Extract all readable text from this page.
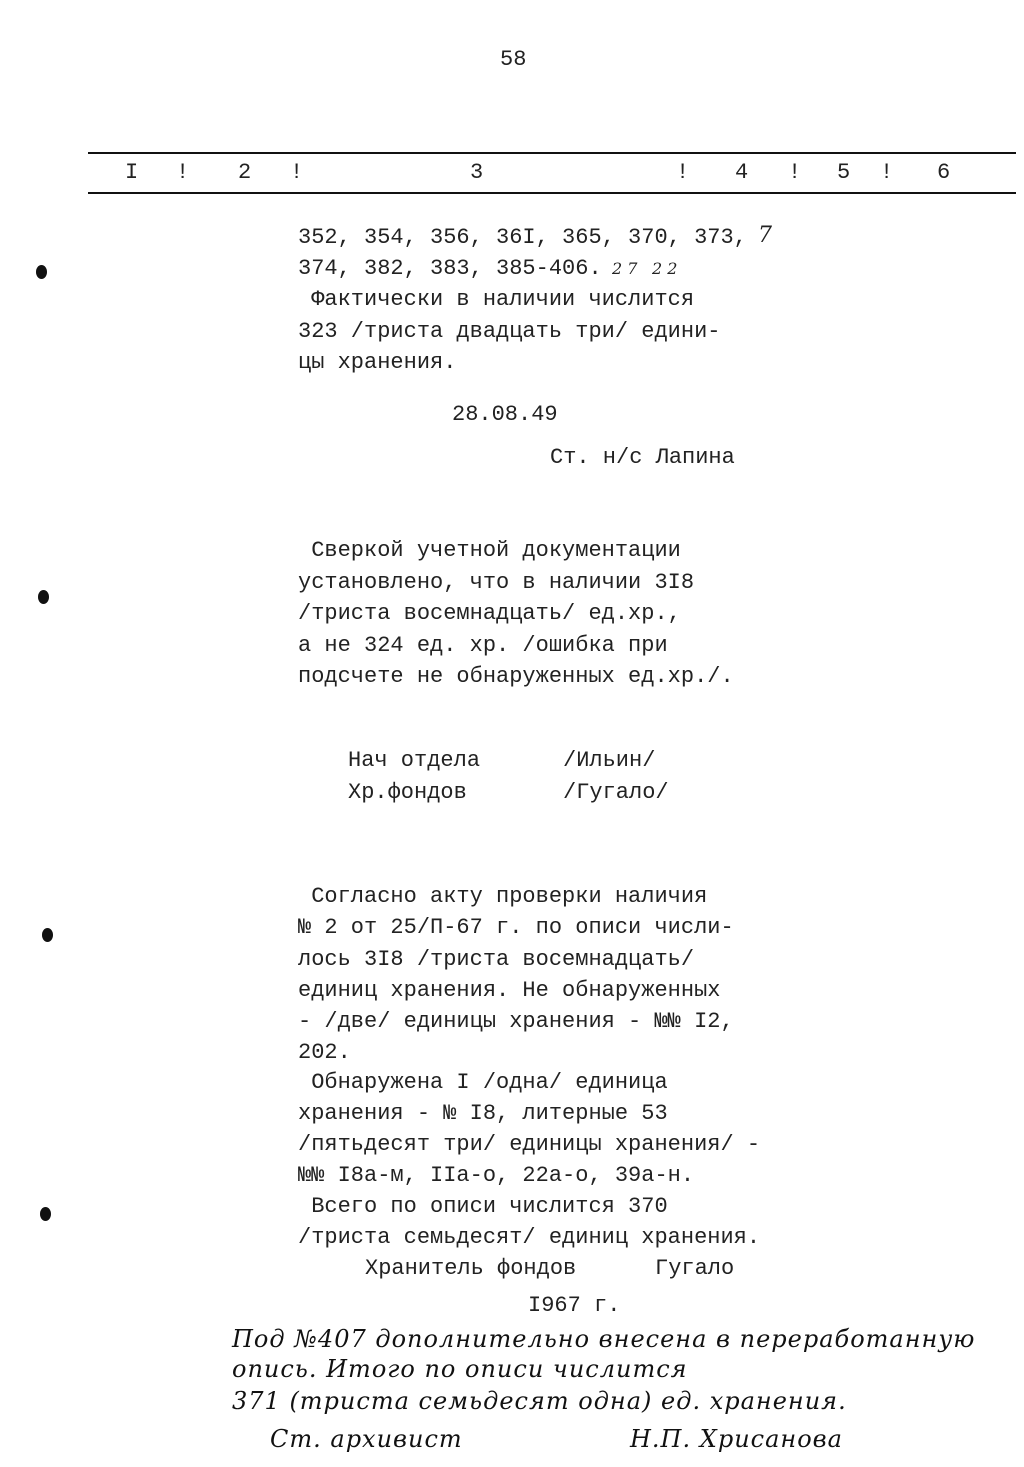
58
I ! 2 !	3	! 4 ! 5 ! 6
352, 354, 356, 36I, 365, 370, 373, 7
374, 382, 383, 385-406. 2 7 2 2
Фактически в наличии числится
323 /триста двадцать три/ едини-
цы хранения.
28.08.49
Ст. н/с Лапина
Сверкой учетной документации
установлено, что в наличии 3I8
/триста восемнадцать/ ед.хр.,
а не 324 ед. хр. /ошибка при
подсчете не обнаруженных ед.хр./.
Нач отдела	/Ильин/
Хр.фондов	/Гугало/
Согласно акту проверки наличия
№ 2 от 25/П-67 г. по описи числи-
лось 3I8 /триста восемнадцать/
единиц хранения. Не обнаруженных
- /две/ единицы хранения - №№ I2,
202.
Обнаружена I /одна/ единица
хранения - № I8, литерные 53
/пятьдесят три/ единицы хранения/ -
№№ I8а-м, IIа-о, 22а-о, 39а-н.
Всего по описи числится 370
/триста семьдесят/ единиц хранения.
Хранитель фондов	Гугало
I967 г.
Под №407 дополнительно внесена в переработанную опись. Итого по описи числится
371 (триста семьдесят одна) ед. хранения.
Ст. архивист	Н.П. Хрисанова
